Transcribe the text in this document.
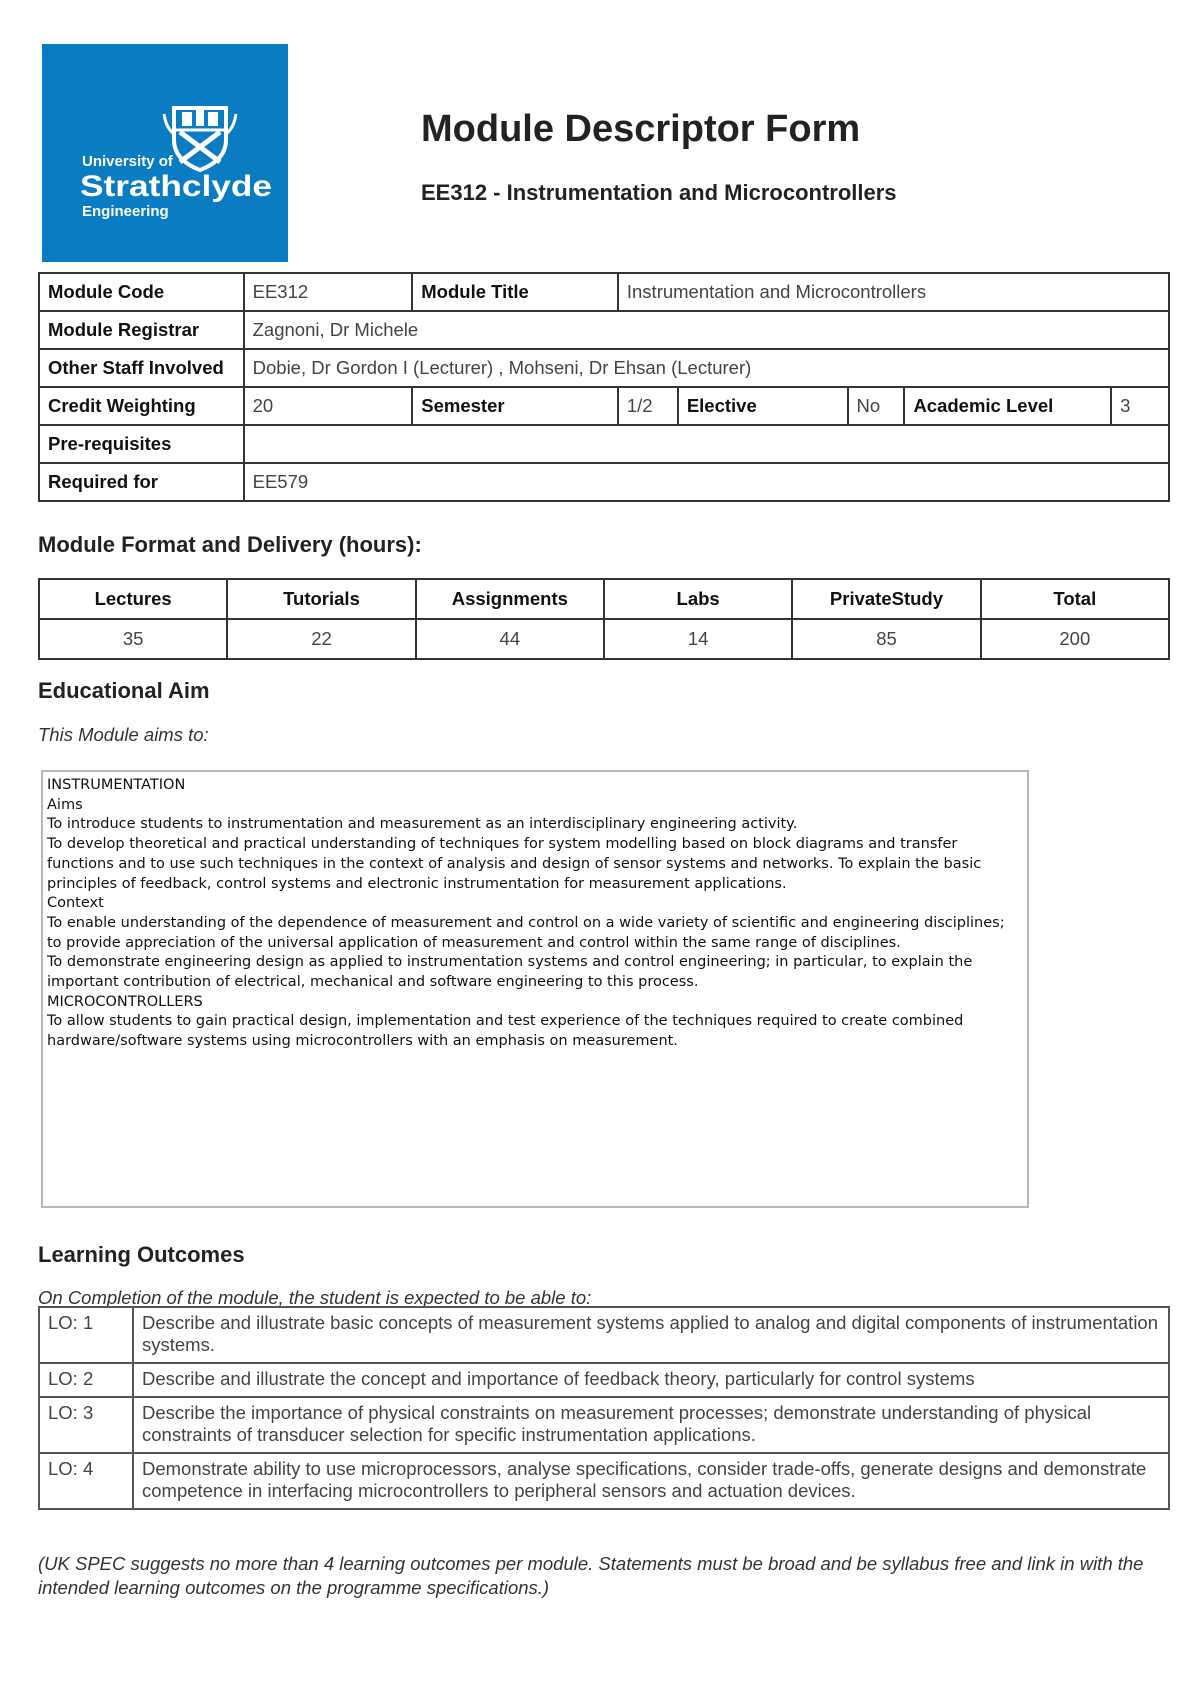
University of
Strathclyde
Engineering
Module Descriptor Form
EE312 - Instrumentation and Microcontrollers
Module Code	EE312	Module Title	Instrumentation and Microcontrollers				
Module Registrar	Zagnoni, Dr Michele						
Other Staff Involved	Dobie, Dr Gordon I (Lecturer) , Mohseni, Dr Ehsan (Lecturer)						
Credit Weighting	20	Semester	1/2	Elective	No	Academic Level	3
Pre-requisites							
Required for	EE579						
Module Format and Delivery (hours):
Lectures	Tutorials	Assignments	Labs	PrivateStudy	Total
35	22	44	14	85	200
Educational Aim
This Module aims to:
INSTRUMENTATION
Aims
To introduce students to instrumentation and measurement as an interdisciplinary engineering activity.
To develop theoretical and practical understanding of techniques for system modelling based on block diagrams and transfer functions and to use such techniques in the context of analysis and design of sensor systems and networks. To explain the basic principles of feedback, control systems and electronic instrumentation for measurement applications.
Context
To enable understanding of the dependence of measurement and control on a wide variety of scientific and engineering disciplines; to provide appreciation of the universal application of measurement and control within the same range of disciplines.
To demonstrate engineering design as applied to instrumentation systems and control engineering; in particular, to explain the important contribution of electrical, mechanical and software engineering to this process.
MICROCONTROLLERS
To allow students to gain practical design, implementation and test experience of the techniques required to create combined hardware/software systems using microcontrollers with an emphasis on measurement.
Learning Outcomes
On Completion of the module, the student is expected to be able to:
LO: 1	Describe and illustrate basic concepts of measurement systems applied to analog and digital components of instrumentation systems.
LO: 2	Describe and illustrate the concept and importance of feedback theory, particularly for control systems
LO: 3	Describe the importance of physical constraints on measurement processes; demonstrate understanding of physical constraints of transducer selection for specific instrumentation applications.
LO: 4	Demonstrate ability to use microprocessors, analyse specifications, consider trade-offs, generate designs and demonstrate competence in interfacing microcontrollers to peripheral sensors and actuation devices.
(UK SPEC suggests no more than 4 learning outcomes per module. Statements must be broad and be syllabus free and link in with the intended learning outcomes on the programme specifications.)
